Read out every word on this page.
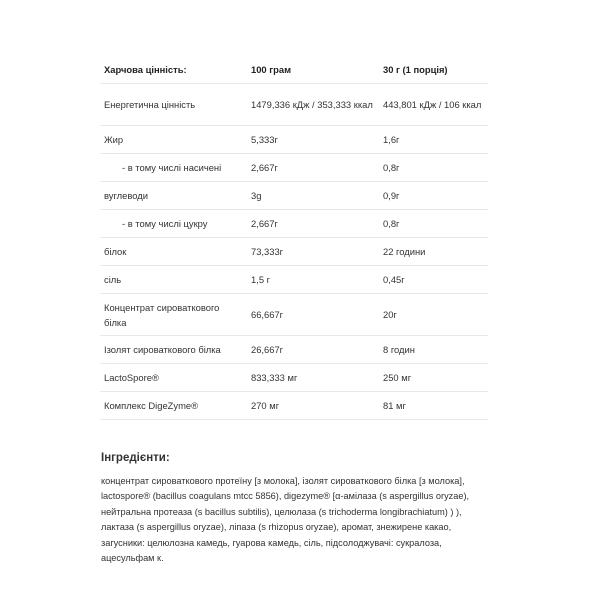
Харчова цінність:	100 грам	30 г (1 порція)
Енергетична цінність	1479,336 кДж / 353,333 ккал	443,801 кДж / 106 ккал
Жир	5,333г	1,6г
- в тому числі насичені	2,667г	0,8г
вуглеводи	3g	0,9г
- в тому числі цукру	2,667г	0,8г
білок	73,333г	22 години
сіль	1,5 г	0,45г
Концентрат сироваткового білка	66,667г	20г
Ізолят сироваткового білка	26,667г	8 годин
LactoSpore®	833,333 мг	250 мг
Комплекс DigeZyme®	270 мг	81 мг
Інгредієнти:
концентрат сироваткового протеїну [з молока], ізолят сироваткового білка [з молока], lactospore® (bacillus coagulans mtcc 5856), digezyme® [α-амілаза (s aspergillus oryzae), нейтральна протеаза (s bacillus subtilis), целюлаза (s trichoderma longibrachiatum) ) ), лактаза (s aspergillus oryzae), ліпаза (s rhizopus oryzae), аромат, знежирене какао, загусники: целюлозна камедь, гуарова камедь, сіль, підсолоджувачі: сукралоза, ацесульфам к.
